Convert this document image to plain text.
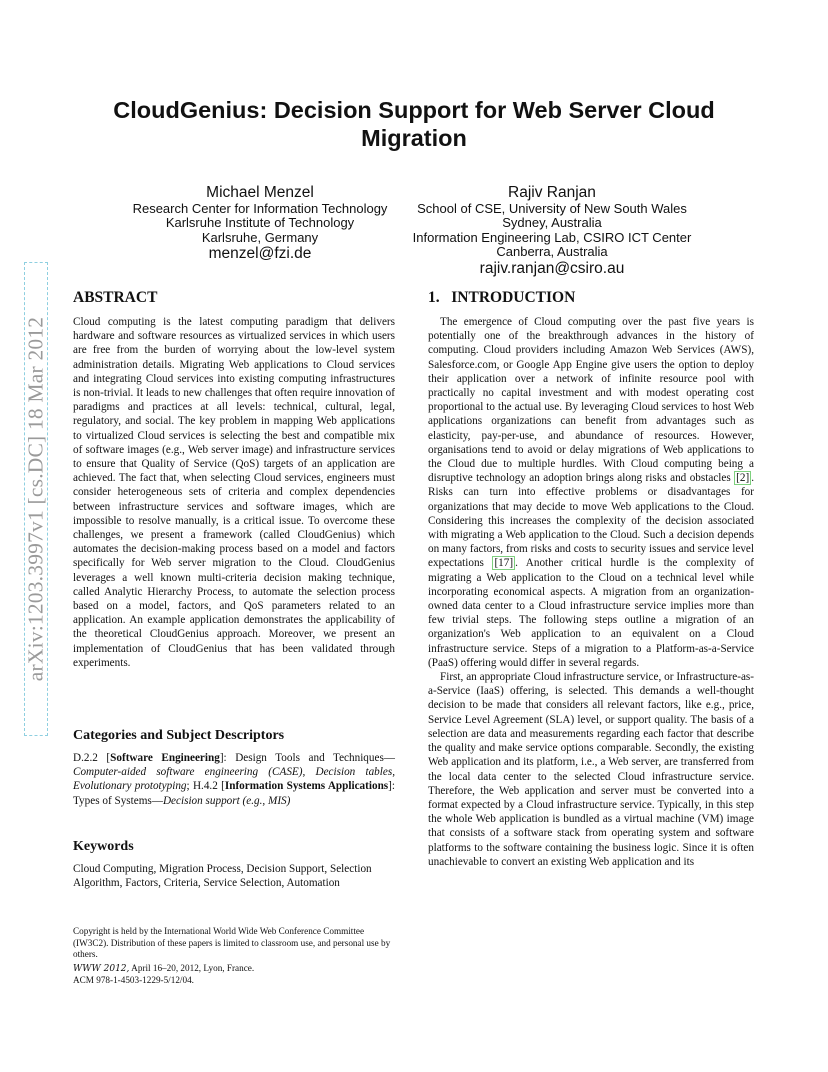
arXiv:1203.3997v1 [cs.DC] 18 Mar 2012
CloudGenius: Decision Support for Web Server Cloud Migration
Michael Menzel
Research Center for Information Technology
Karlsruhe Institute of Technology
Karlsruhe, Germany
menzel@fzi.de
Rajiv Ranjan
School of CSE, University of New South Wales
Sydney, Australia
Information Engineering Lab, CSIRO ICT Center
Canberra, Australia
rajiv.ranjan@csiro.au
ABSTRACT

Cloud computing is the latest computing paradigm that delivers hardware and software resources as virtualized services in which users are free from the burden of worrying about the low-level system administration details. Migrating Web applications to Cloud services and integrating Cloud services into existing computing infrastructures is non-trivial. It leads to new challenges that often require innovation of paradigms and practices at all levels: technical, cultural, legal, regulatory, and social. The key problem in mapping Web applications to virtualized Cloud services is selecting the best and compatible mix of software images (e.g., Web server image) and infrastructure services to ensure that Quality of Service (QoS) targets of an application are achieved. The fact that, when selecting Cloud services, engineers must consider heterogeneous sets of criteria and complex dependencies between infrastructure services and software images, which are impossible to resolve manually, is a critical issue. To overcome these challenges, we present a framework (called CloudGenius) which automates the decision-making process based on a model and factors specifically for Web server migration to the Cloud. CloudGenius leverages a well known multi-criteria decision making technique, called Analytic Hierarchy Process, to automate the selection process based on a model, factors, and QoS parameters related to an application. An example application demonstrates the applicability of the theoretical CloudGenius approach. Moreover, we present an implementation of CloudGenius that has been validated through experiments.

Categories and Subject Descriptors

D.2.2 [Software Engineering]: Design Tools and Techniques—Computer-aided software engineering (CASE), Decision tables, Evolutionary prototyping; H.4.2 [Information Systems Applications]: Types of Systems—Decision support (e.g., MIS)

Keywords

Cloud Computing, Migration Process, Decision Support, Selection Algorithm, Factors, Criteria, Service Selection, Automation

Copyright is held by the International World Wide Web Conference Committee (IW3C2). Distribution of these papers is limited to classroom use, and personal use by others.

WWW 2012, April 16–20, 2012, Lyon, France.

ACM 978-1-4503-1229-5/12/04.

1.   INTRODUCTION

The emergence of Cloud computing over the past five years is potentially one of the breakthrough advances in the history of computing. Cloud providers including Amazon Web Services (AWS), Salesforce.com, or Google App Engine give users the option to deploy their application over a network of infinite resource pool with practically no capital investment and with modest operating cost proportional to the actual use. By leveraging Cloud services to host Web applications organizations can benefit from advantages such as elasticity, pay-per-use, and abundance of resources. However, organisations tend to avoid or delay migrations of Web applications to the Cloud due to multiple hurdles. With Cloud computing being a disruptive technology an adoption brings along risks and obstacles [2] . Risks can turn into effective problems or disadvantages for organizations that may decide to move Web applications to the Cloud. Considering this increases the complexity of the decision associated with migrating a Web application to the Cloud. Such a decision depends on many factors, from risks and costs to security issues and service level expectations [17] . Another critical hurdle is the complexity of migrating a Web application to the Cloud on a technical level while incorporating economical aspects. A migration from an organization-owned data center to a Cloud infrastructure service implies more than few trivial steps. The following steps outline a migration of an organization's Web application to an equivalent on a Cloud infrastructure service. Steps of a migration to a Platform-as-a-Service (PaaS) offering would differ in several regards.

First, an appropriate Cloud infrastructure service, or Infrastructure-as-a-Service (IaaS) offering, is selected. This demands a well-thought decision to be made that considers all relevant factors, like e.g., price, Service Level Agreement (SLA) level, or support quality. The basis of a selection are data and measurements regarding each factor that describe the quality and make service options comparable. Secondly, the existing Web application and its platform, i.e., a Web server, are transferred from the local data center to the selected Cloud infrastructure service. Therefore, the Web application and server must be converted into a format expected by a Cloud infrastructure service. Typically, in this step the whole Web application is bundled as a virtual machine (VM) image that consists of a software stack from operating system and software platforms to the software containing the business logic. Since it is often unachievable to convert an existing Web application and its
